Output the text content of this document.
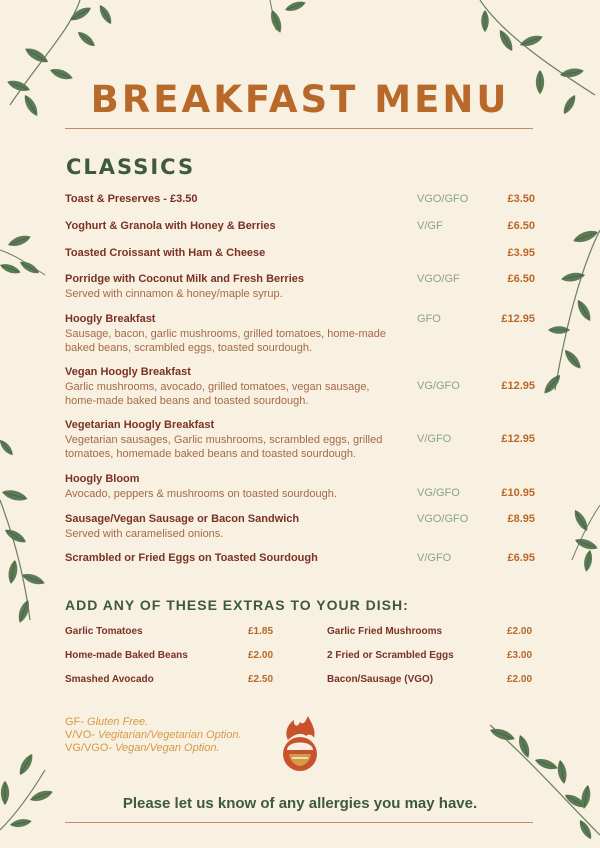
BREAKFAST MENU
CLASSICS
Toast & Preserves - £3.50	VGO/GFO	£3.50
Yoghurt & Granola with Honey & Berries	V/GF	£6.50
Toasted Croissant with Ham & Cheese	£3.95
Porridge with Coconut Milk and Fresh Berries
Served with cinnamon & honey/maple syrup.
VGO/GF	£6.50
Hoogly Breakfast
Sausage, bacon, garlic mushrooms, grilled tomatoes, home-made baked beans, scrambled eggs, toasted sourdough.
GFO	£12.95
Vegan Hoogly Breakfast
Garlic mushrooms, avocado, grilled tomatoes, vegan sausage, home-made baked beans and toasted sourdough.
VG/GFO	£12.95
Vegetarian Hoogly Breakfast
Vegetarian sausages, Garlic mushrooms, scrambled eggs, grilled tomatoes, homemade baked beans and toasted sourdough.
V/GFO	£12.95
Hoogly Bloom
Avocado, peppers & mushrooms on toasted sourdough.	VG/GFO	£10.95
Sausage/Vegan Sausage or Bacon Sandwich
Served with caramelised onions.
VGO/GFO	£8.95
Scrambled or Fried Eggs on Toasted Sourdough	V/GFO	£6.95
ADD ANY OF THESE EXTRAS TO YOUR DISH:
Garlic Tomatoes	£1.85
Home-made Baked Beans	£2.00
Smashed Avocado	£2.50
Garlic Fried Mushrooms	£2.00
2 Fried or Scrambled Eggs	£3.00
Bacon/Sausage (VGO)	£2.00
GF- Gluten Free.
V/VO- Vegitarian/Vegetarian Option.
VG/VGO- Vegan/Vegan Option.
Please let us know of any allergies you may have.
